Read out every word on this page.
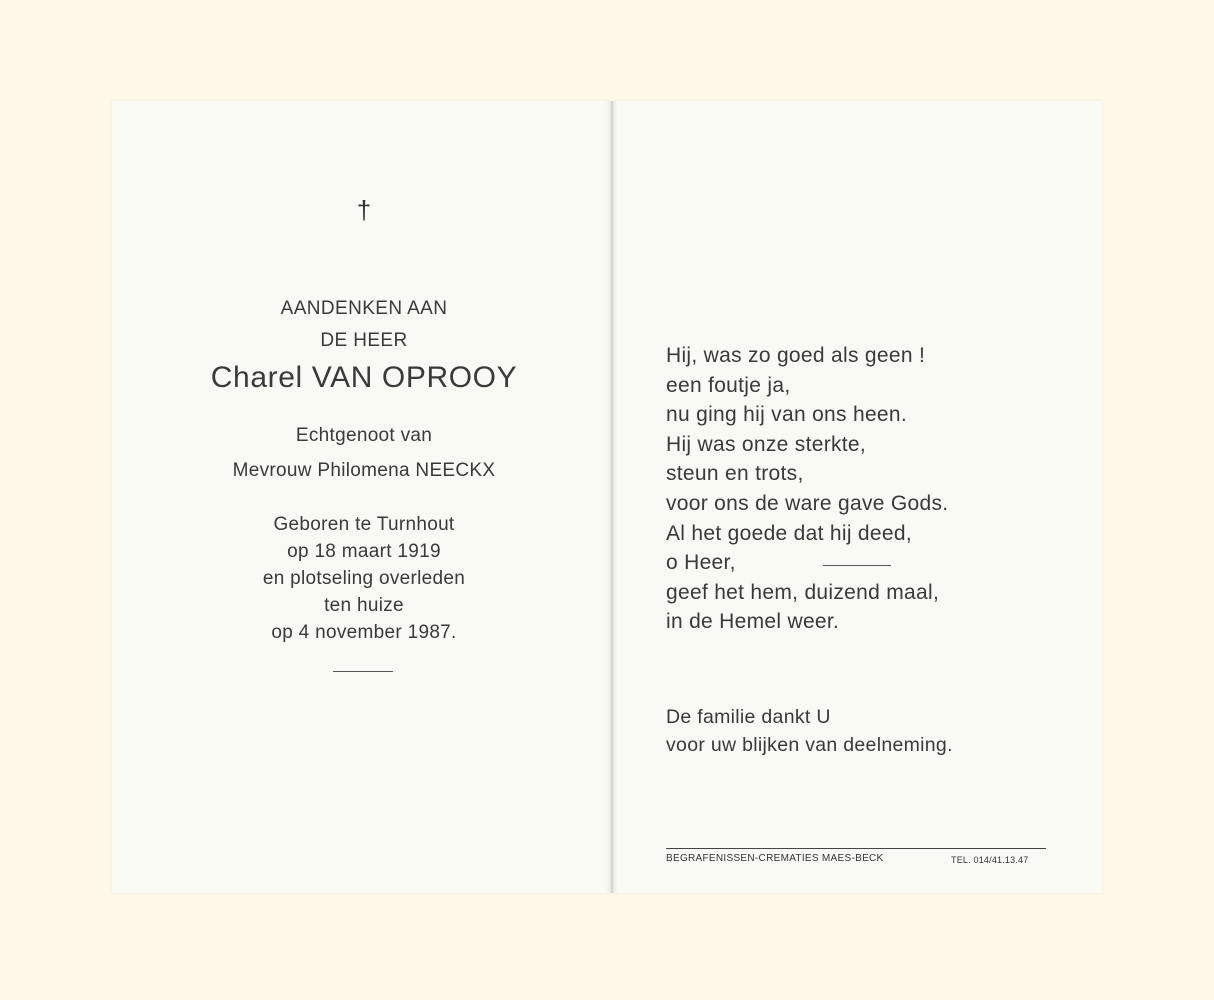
†
AANDENKEN AAN
DE HEER
Charel VAN OPROOY
Echtgenoot van
Mevrouw Philomena NEECKX
Geboren te Turnhout
op 18 maart 1919
en plotseling overleden
ten huize
op 4 november 1987.
Hij, was zo goed als geen !
een foutje ja,
nu ging hij van ons heen.
Hij was onze sterkte,
steun en trots,
voor ons de ware gave Gods.
Al het goede dat hij deed,
o Heer,
geef het hem, duizend maal,
in de Hemel weer.
De familie dankt U
voor uw blijken van deelneming.
BEGRAFENISSEN-CREMATIES MAES-BECK	TEL. 014/41.13.47
